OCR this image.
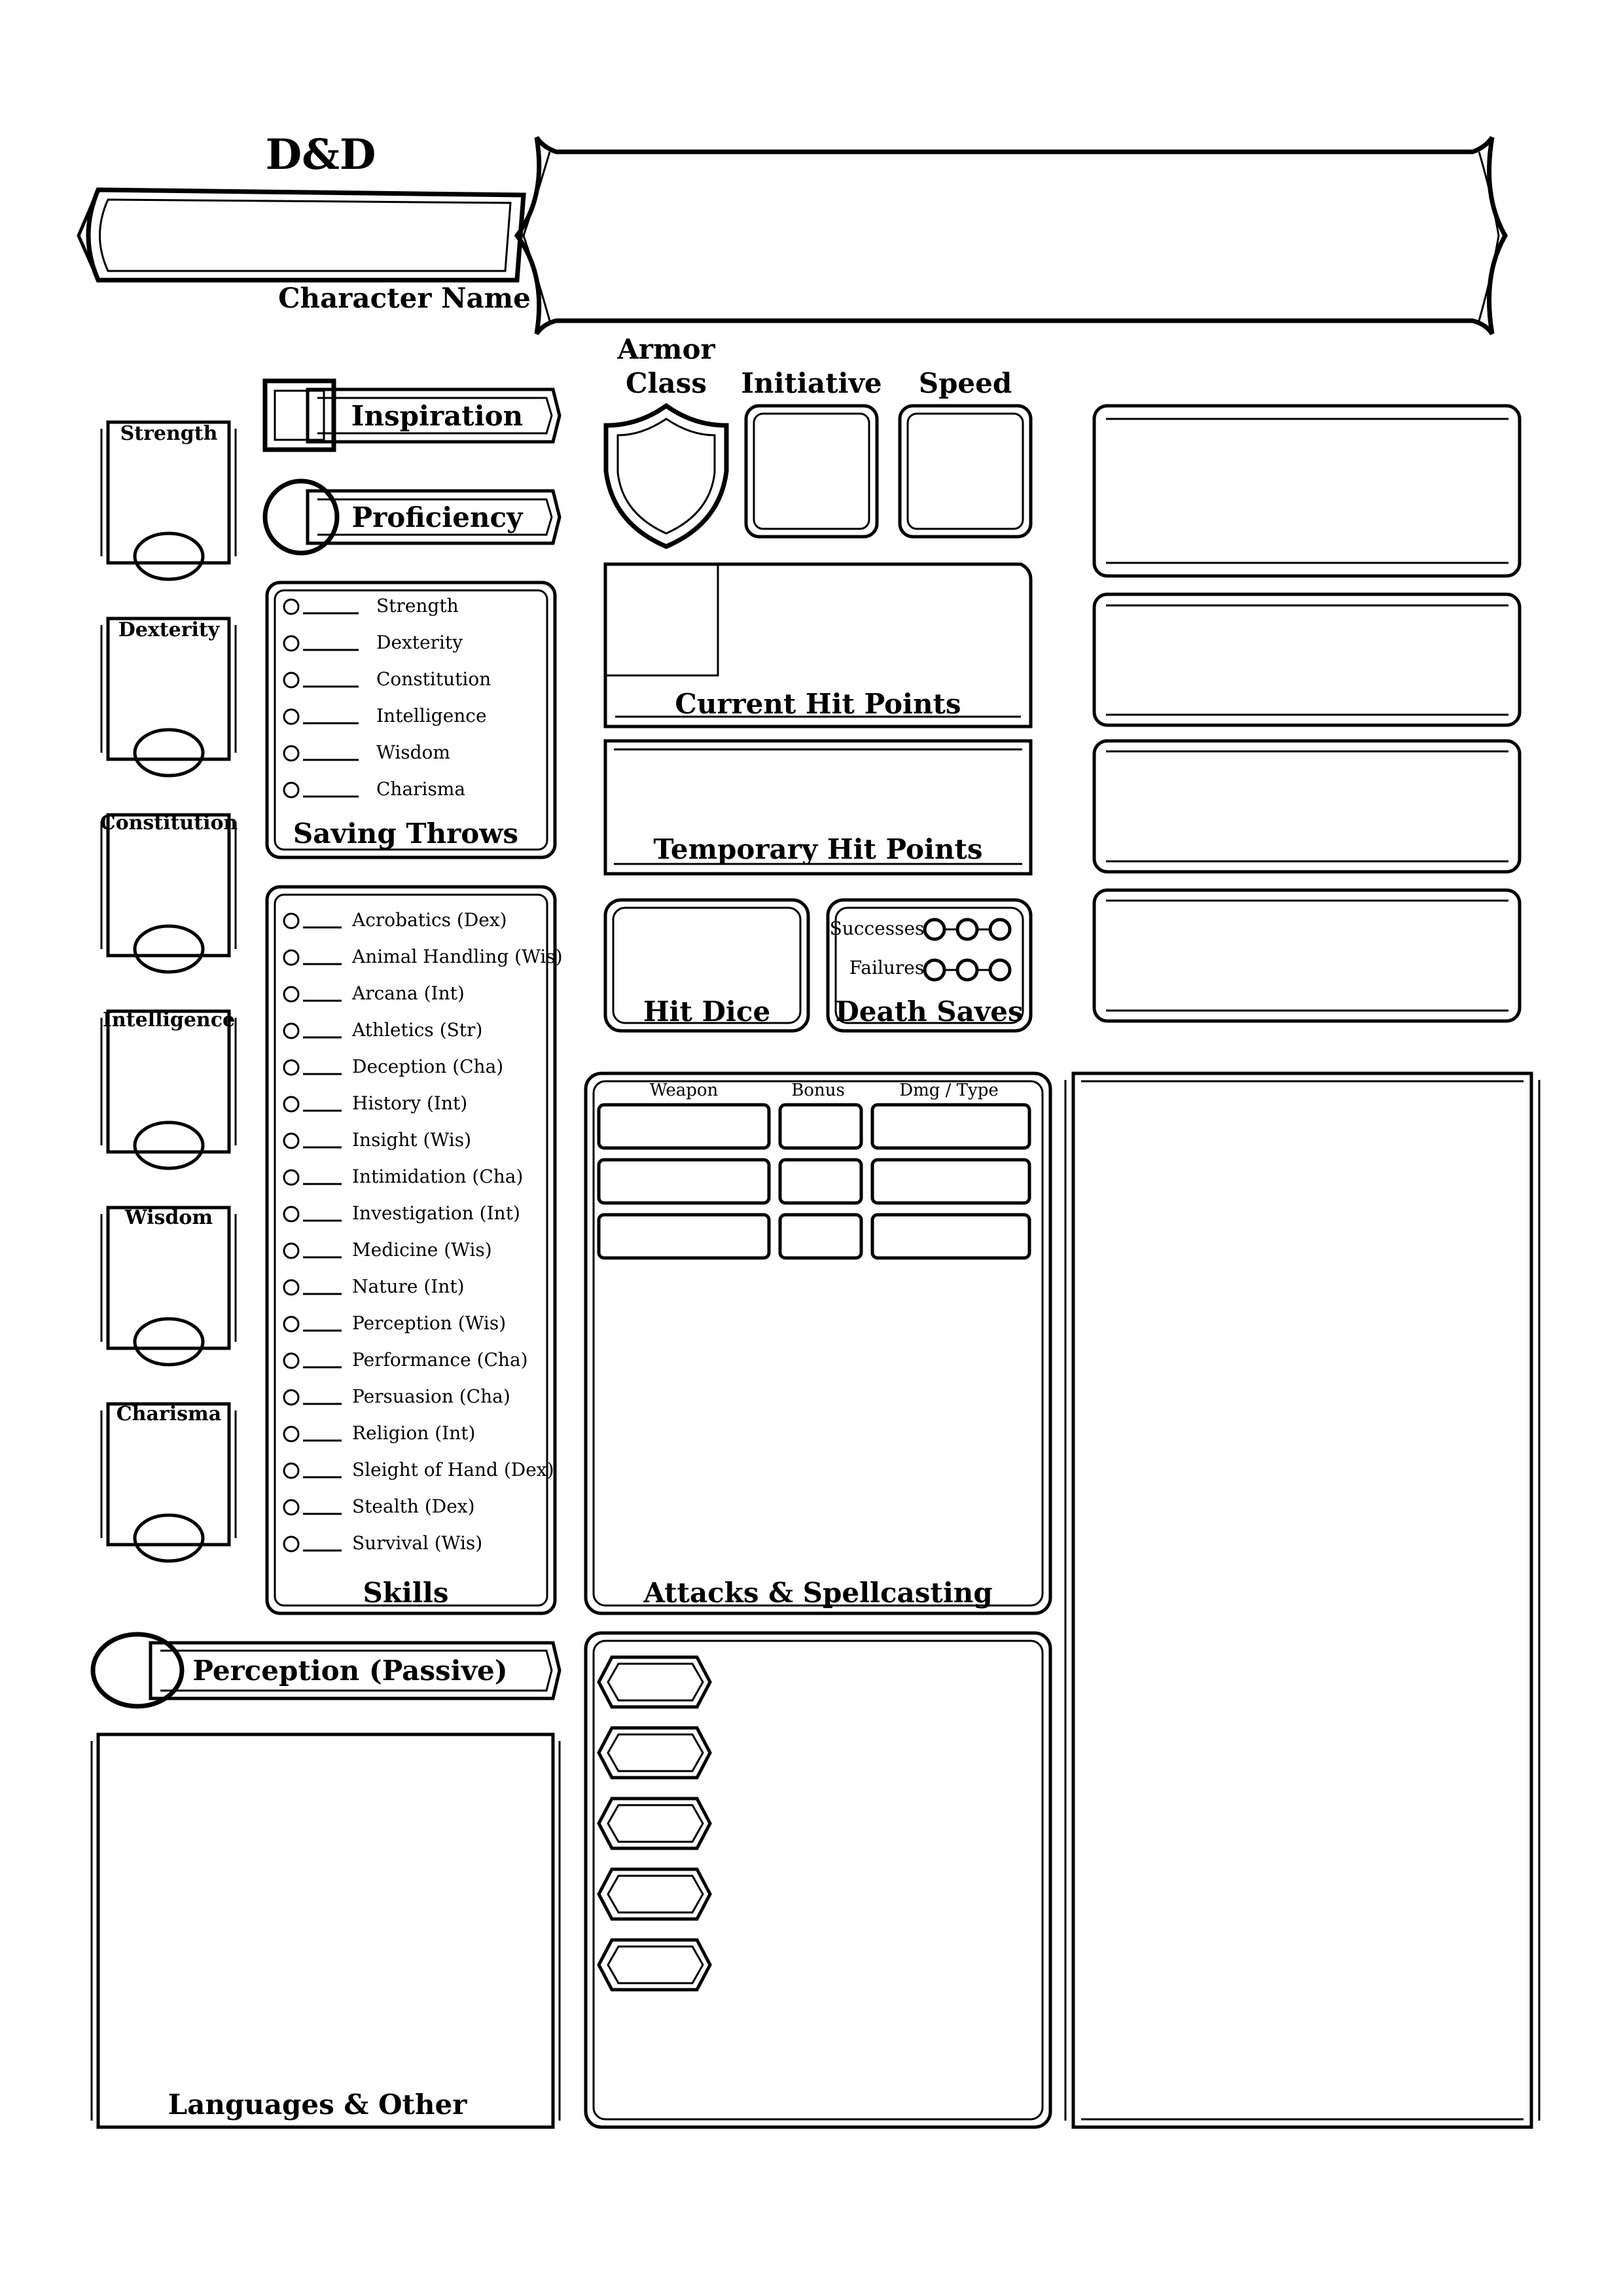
D&D
Character Name
Strength
Dexterity
Constitution
Intelligence
Wisdom
Charisma
Inspiration
Proficiency
Strength
Dexterity
Constitution
Intelligence
Wisdom
Charisma
Saving Throws
Acrobatics (Dex)
Animal Handling (Wis)
Arcana (Int)
Athletics (Str)
Deception (Cha)
History (Int)
Insight (Wis)
Intimidation (Cha)
Investigation (Int)
Medicine (Wis)
Nature (Int)
Perception (Wis)
Performance (Cha)
Persuasion (Cha)
Religion (Int)
Sleight of Hand (Dex)
Stealth (Dex)
Survival (Wis)
Skills
Perception (Passive)
Languages & Other
Armor
Class Initiative Speed
Current Hit Points
Temporary Hit Points
Hit Dice
Successes
Failures
Death Saves
Weapon	Bonus	Dmg / Type
Attacks & Spellcasting
